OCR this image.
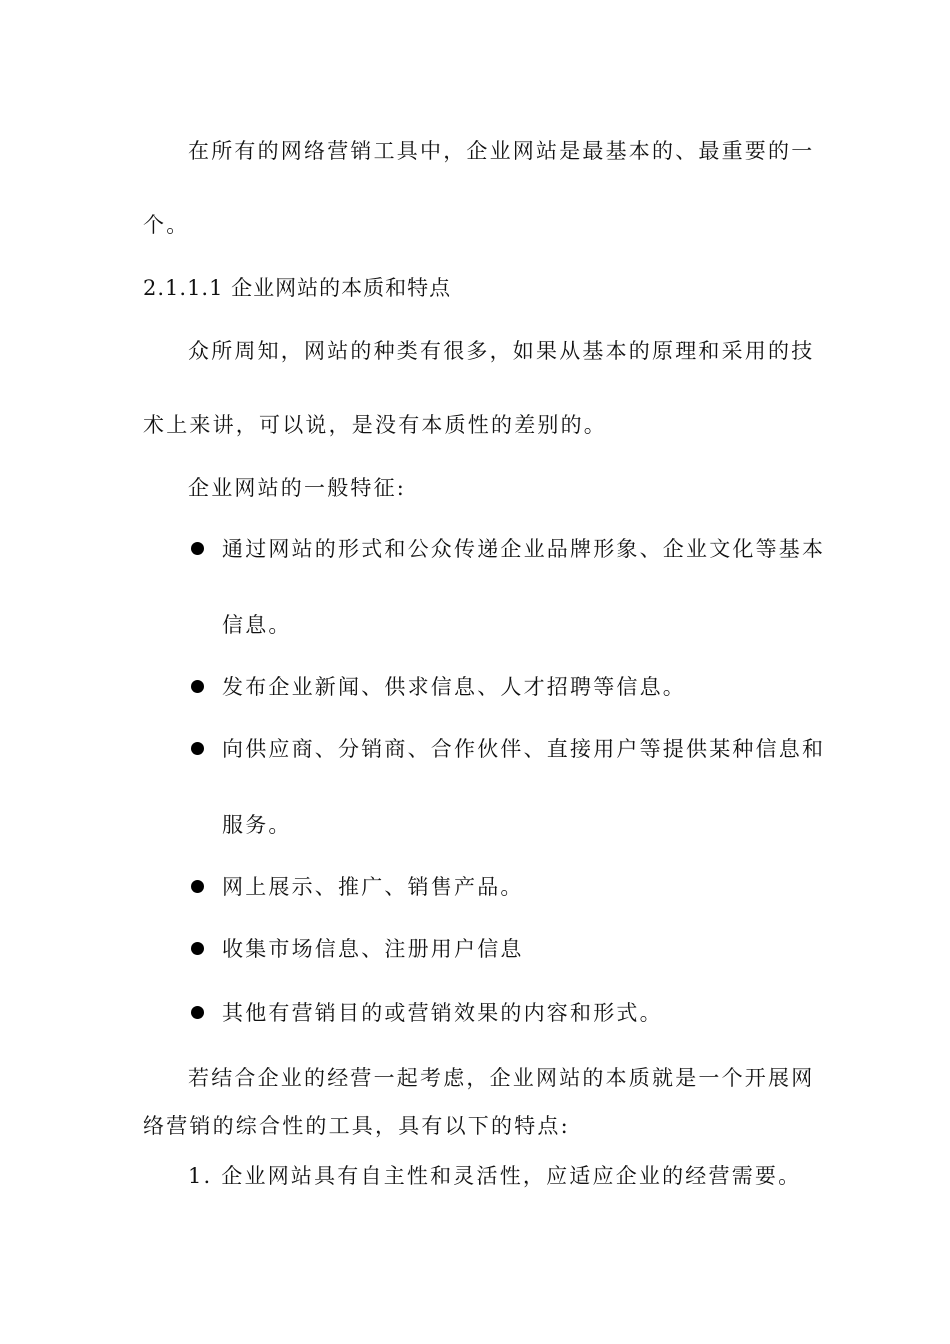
在所有的网络营销工具中，企业网站是最基本的、最重要的一
个。
2.1.1.1 企业网站的本质和特点
众所周知，网站的种类有很多，如果从基本的原理和采用的技
术上来讲，可以说，是没有本质性的差别的。
企业网站的一般特征:
通过网站的形式和公众传递企业品牌形象、企业文化等基本
信息。
发布企业新闻、供求信息、人才招聘等信息。
向供应商、分销商、合作伙伴、直接用户等提供某种信息和
服务。
网上展示、推广、销售产品。
收集市场信息、注册用户信息
其他有营销目的或营销效果的内容和形式。
若结合企业的经营一起考虑，企业网站的本质就是一个开展网
络营销的综合性的工具，具有以下的特点:
1. 企业网站具有自主性和灵活性，应适应企业的经营需要。
